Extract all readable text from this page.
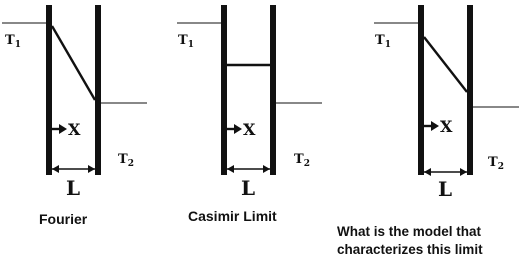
$T_1$
$T_2$
X
L
Fourier
$T_1$
$T_2$
X
L
Casimir Limit
$T_1$
$T_2$
X
L
What is the model that
characterizes this limit
